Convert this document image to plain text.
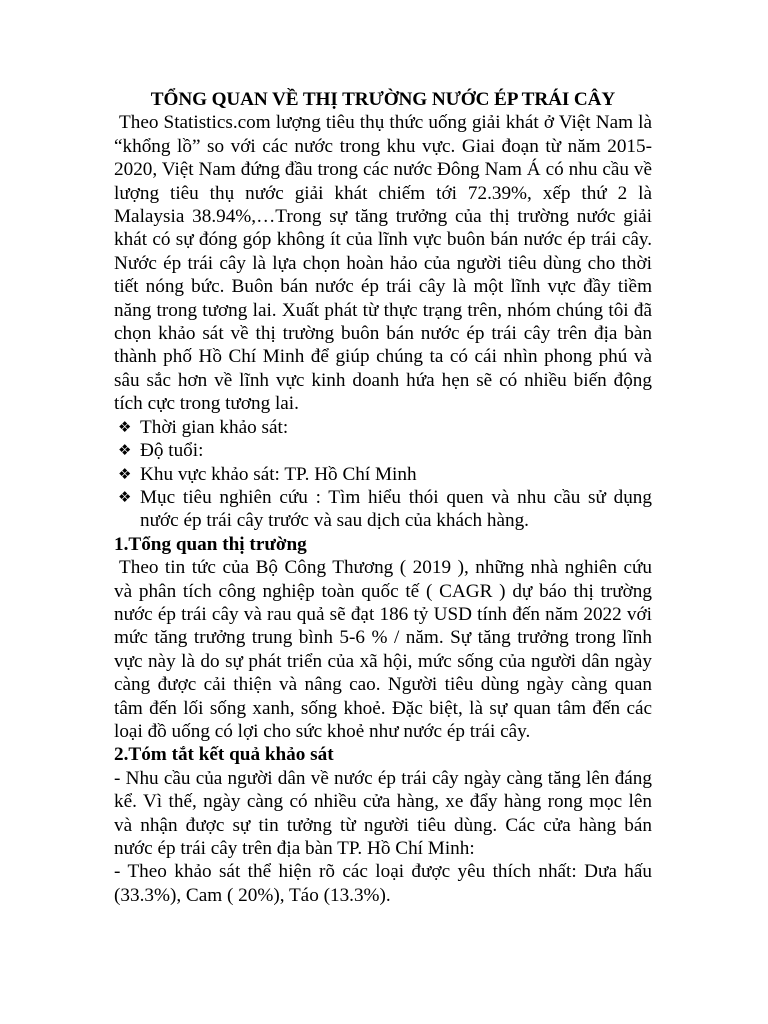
TỔNG QUAN VỀ THỊ TRƯỜNG NƯỚC ÉP TRÁI CÂY

Theo Statistics.com lượng tiêu thụ thức uống giải khát ở Việt Nam là “khổng lồ” so với các nước trong khu vực. Giai đoạn từ năm 2015-2020, Việt Nam đứng đầu trong các nước Đông Nam Á có nhu cầu về lượng tiêu thụ nước giải khát chiếm tới 72.39%, xếp thứ 2 là Malaysia 38.94%,…Trong sự tăng trưởng của thị trường nước giải khát có sự đóng góp không ít của lĩnh vực buôn bán nước ép trái cây. Nước ép trái cây là lựa chọn hoàn hảo của người tiêu dùng cho thời tiết nóng bức. Buôn bán nước ép trái cây là một lĩnh vực đầy tiềm năng trong tương lai. Xuất phát từ thực trạng trên, nhóm chúng tôi đã chọn khảo sát về thị trường buôn bán nước ép trái cây trên địa bàn thành phố Hồ Chí Minh để giúp chúng ta có cái nhìn phong phú và sâu sắc hơn về lĩnh vực kinh doanh hứa hẹn sẽ có nhiều biến động tích cực trong tương lai.

❖ Thời gian khảo sát:
❖ Độ tuổi:
❖ Khu vực khảo sát: TP. Hồ Chí Minh
❖ Mục tiêu nghiên cứu : Tìm hiểu thói quen và nhu cầu sử dụng nước ép trái cây trước và sau dịch của khách hàng.

1.Tổng quan thị trường

Theo tin tức của Bộ Công Thương ( 2019 ), những nhà nghiên cứu và phân tích công nghiệp toàn quốc tế ( CAGR ) dự báo thị trường nước ép trái cây và rau quả sẽ đạt 186 tỷ USD tính đến năm 2022 với mức tăng trưởng trung bình 5-6 % / năm. Sự tăng trưởng trong lĩnh vực này là do sự phát triển của xã hội, mức sống của người dân ngày càng được cải thiện và nâng cao. Người tiêu dùng ngày càng quan tâm đến lối sống xanh, sống khoẻ. Đặc biệt, là sự quan tâm đến các loại đồ uống có lợi cho sức khoẻ như nước ép trái cây.

2.Tóm tắt kết quả khảo sát

- Nhu cầu của người dân về nước ép trái cây ngày càng tăng lên đáng kể. Vì thế, ngày càng có nhiều cửa hàng, xe đẩy hàng rong mọc lên và nhận được sự tin tưởng từ người tiêu dùng. Các cửa hàng bán nước ép trái cây trên địa bàn TP. Hồ Chí Minh:

- Theo khảo sát thể hiện rõ các loại được yêu thích nhất: Dưa hấu (33.3%), Cam ( 20%), Táo (13.3%).
